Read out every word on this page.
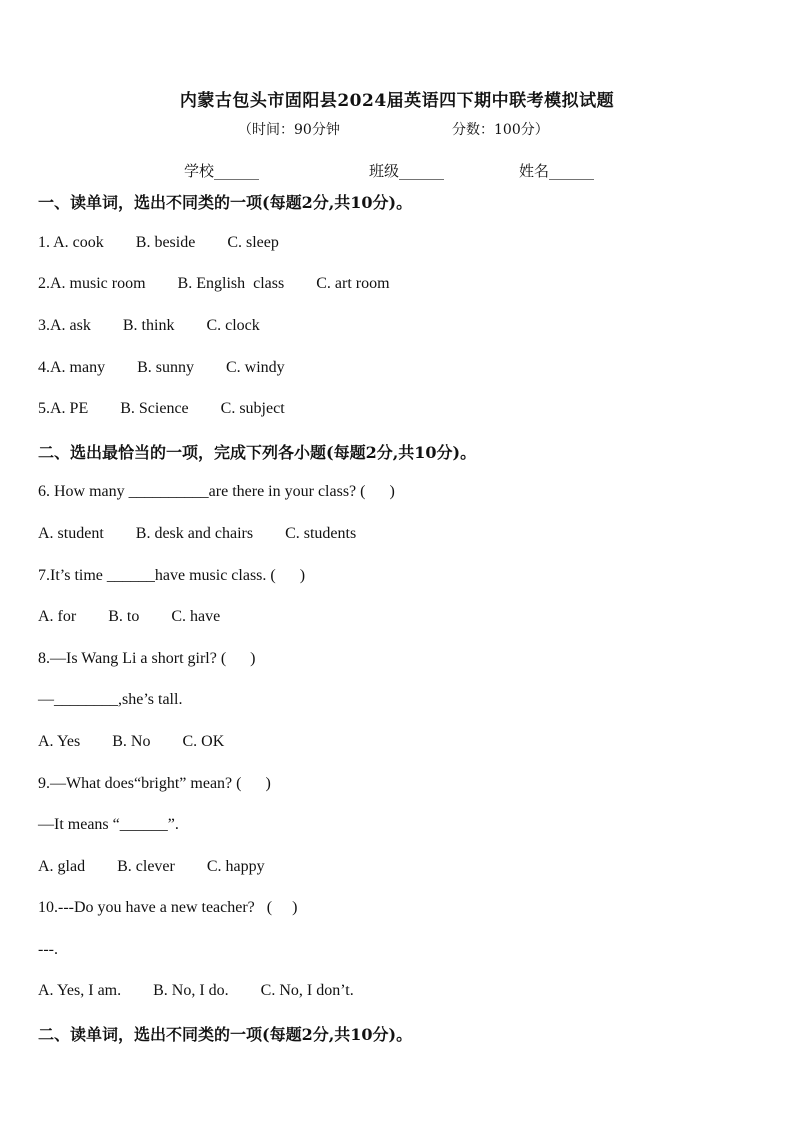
内蒙古包头市固阳县2024届英语四下期中联考模拟试题
（时间：90分钟	分数：100分）
学校______	班级______	姓名______
一、读单词，选出不同类的一项(每题2分,共10分)。
1. A. cook        B. beside        C. sleep
2.A. music room        B. English  class        C. art room
3.A. ask        B. think        C. clock
4.A. many        B. sunny        C. windy
5.A. PE        B. Science        C. subject
二、选出最恰当的一项，完成下列各小题(每题2分,共10分)。
6. How many __________are there in your class? (      )
A. student        B. desk and chairs        C. students
7.It’s time ______have music class. (      )
A. for        B. to        C. have
8.—Is Wang Li a short girl? (      )
—________,she’s tall.
A. Yes        B. No        C. OK
9.—What does“bright” mean? (      )
—It means “______”.
A. glad        B. clever        C. happy
10.---Do you have a new teacher?   (     )
---.
A. Yes, I am.        B. No, I do.        C. No, I don’t.
二、读单词，选出不同类的一项(每题2分,共10分)。
